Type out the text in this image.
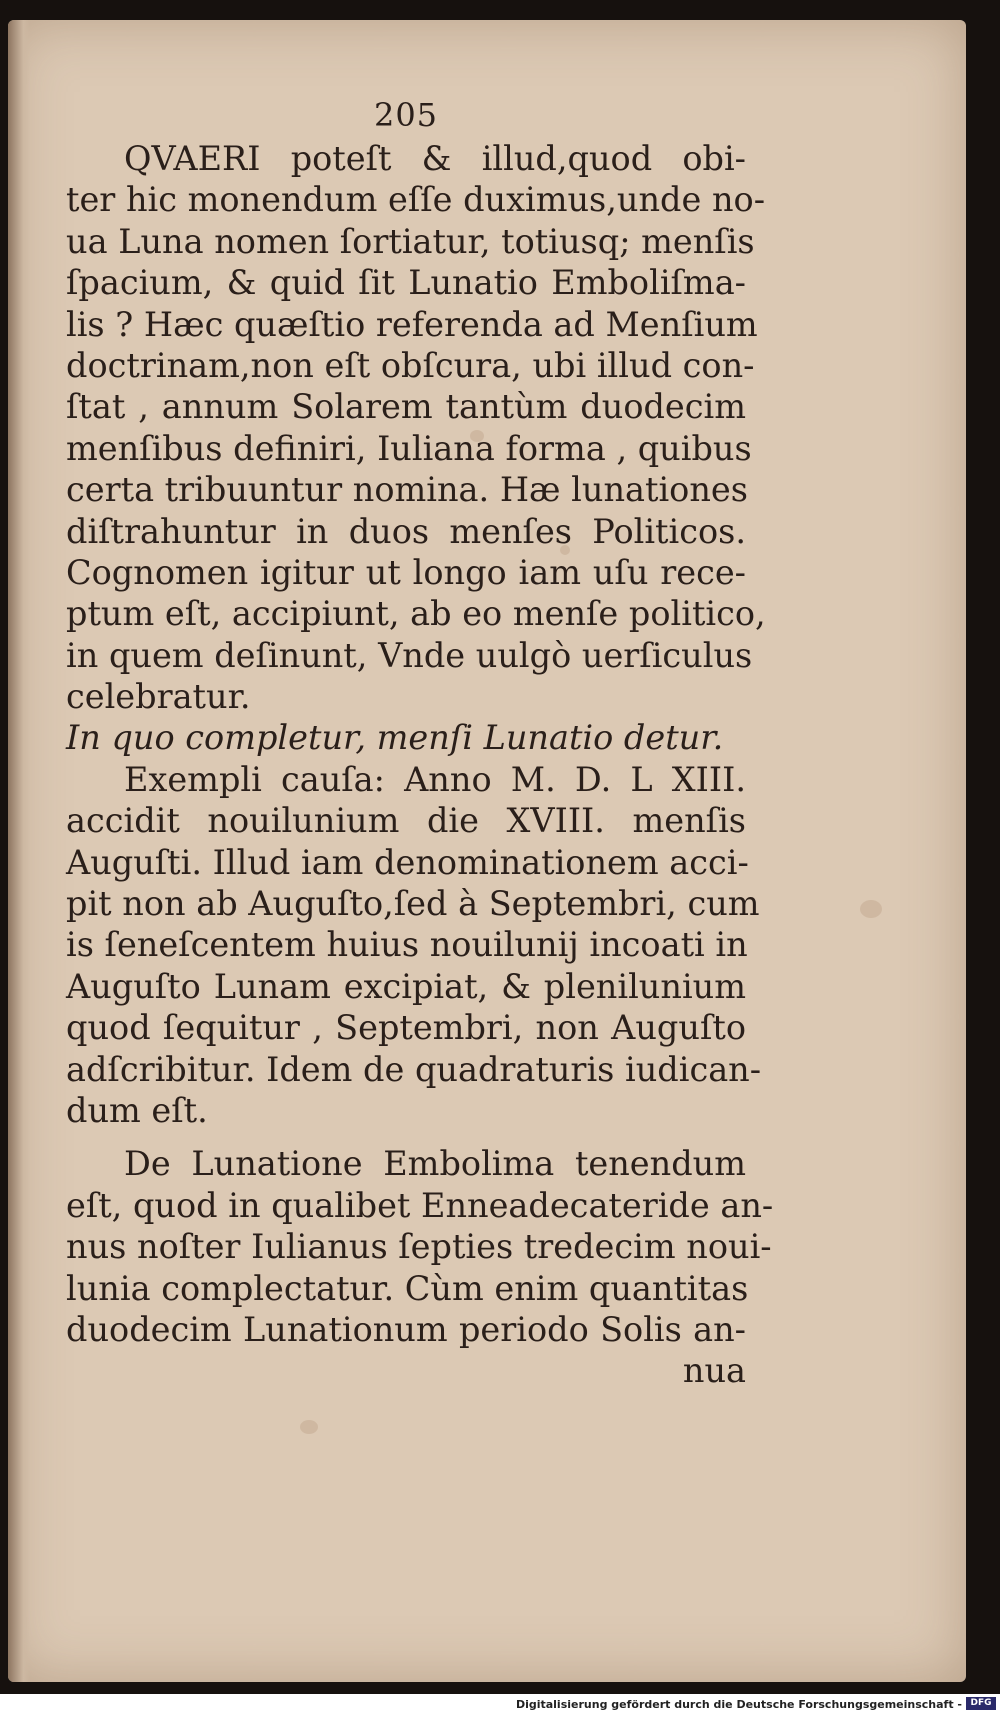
205
QVAERI poteſt & illud,quod obi-
ter hic monendum eſſe duximus,unde no-
ua Luna nomen ſortiatur, totiusq; menſis
ſpacium, & quid ſit Lunatio Emboliſma-
lis ? Hæc quæſtio referenda ad Menſium
doctrinam,non eſt obſcura, ubi illud con-
ſtat , annum Solarem tantùm duodecim
menſibus definiri, Iuliana forma , quibus
certa tribuuntur nomina. Hæ lunationes
diſtrahuntur in duos menſes Politicos.
Cognomen igitur ut longo iam uſu rece-
ptum eſt, accipiunt, ab eo menſe politico,
in quem deſinunt, Vnde uulgò uerſiculus
celebratur.
In quo completur, menſi Lunatio detur.
Exempli cauſa: Anno M. D. L XIII.
accidit nouilunium die XVIII. menſis
Auguſti. Illud iam denominationem acci-
pit non ab Auguſto,ſed à Septembri, cum
is ſeneſcentem huius nouilunij incoati in
Auguſto Lunam excipiat, & plenilunium
quod ſequitur , Septembri, non Auguſto
adſcribitur. Idem de quadraturis iudican-
dum eſt.
De Lunatione Embolima tenendum
eſt, quod in qualibet Enneadecateride an-
nus noſter Iulianus ſepties tredecim noui-
lunia complectatur. Cùm enim quantitas
duodecim Lunationum periodo Solis an-
nua
Digitalisierung gefördert durch die Deutsche Forschungsgemeinschaft - DFG
